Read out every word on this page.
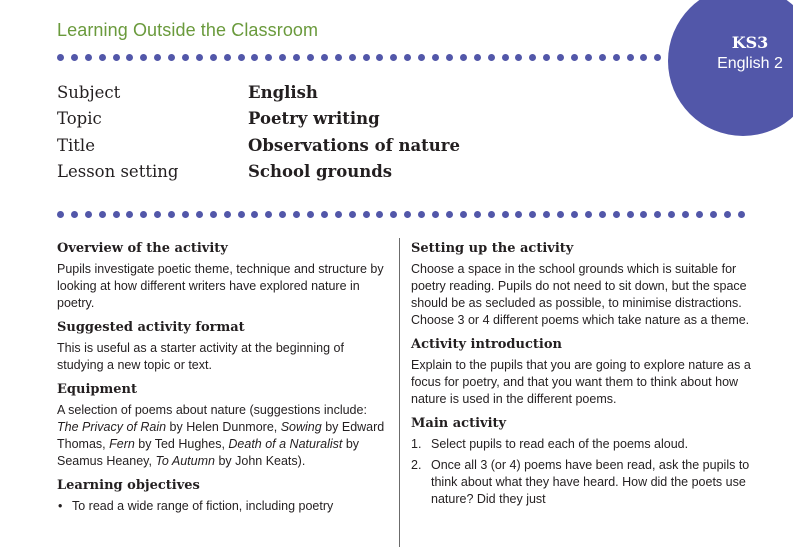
Learning Outside the Classroom
KS3
English 2
Subject	English
Topic	Poetry writing
Title	Observations of nature
Lesson setting	School grounds
Overview of the activity

Pupils investigate poetic theme, technique and structure by looking at how different writers have explored nature in poetry.

Suggested activity format

This is useful as a starter activity at the beginning of studying a new topic or text.

Equipment

A selection of poems about nature (suggestions include: The Privacy of Rain by Helen Dunmore, Sowing by Edward Thomas, Fern by Ted Hughes, Death of a Naturalist by Seamus Heaney, To Autumn by John Keats).

Learning objectives
• To read a wide range of fiction, including poetry
Setting up the activity

Choose a space in the school grounds which is suitable for poetry reading. Pupils do not need to sit down, but the space should be as secluded as possible, to minimise distractions. Choose 3 or 4 different poems which take nature as a theme.

Activity introduction

Explain to the pupils that you are going to explore nature as a focus for poetry, and that you want them to think about how nature is used in the different poems.

Main activity
1. Select pupils to read each of the poems aloud.
2. Once all 3 (or 4) poems have been read, ask the pupils to think about what they have heard. How did the poets use nature? Did they just
